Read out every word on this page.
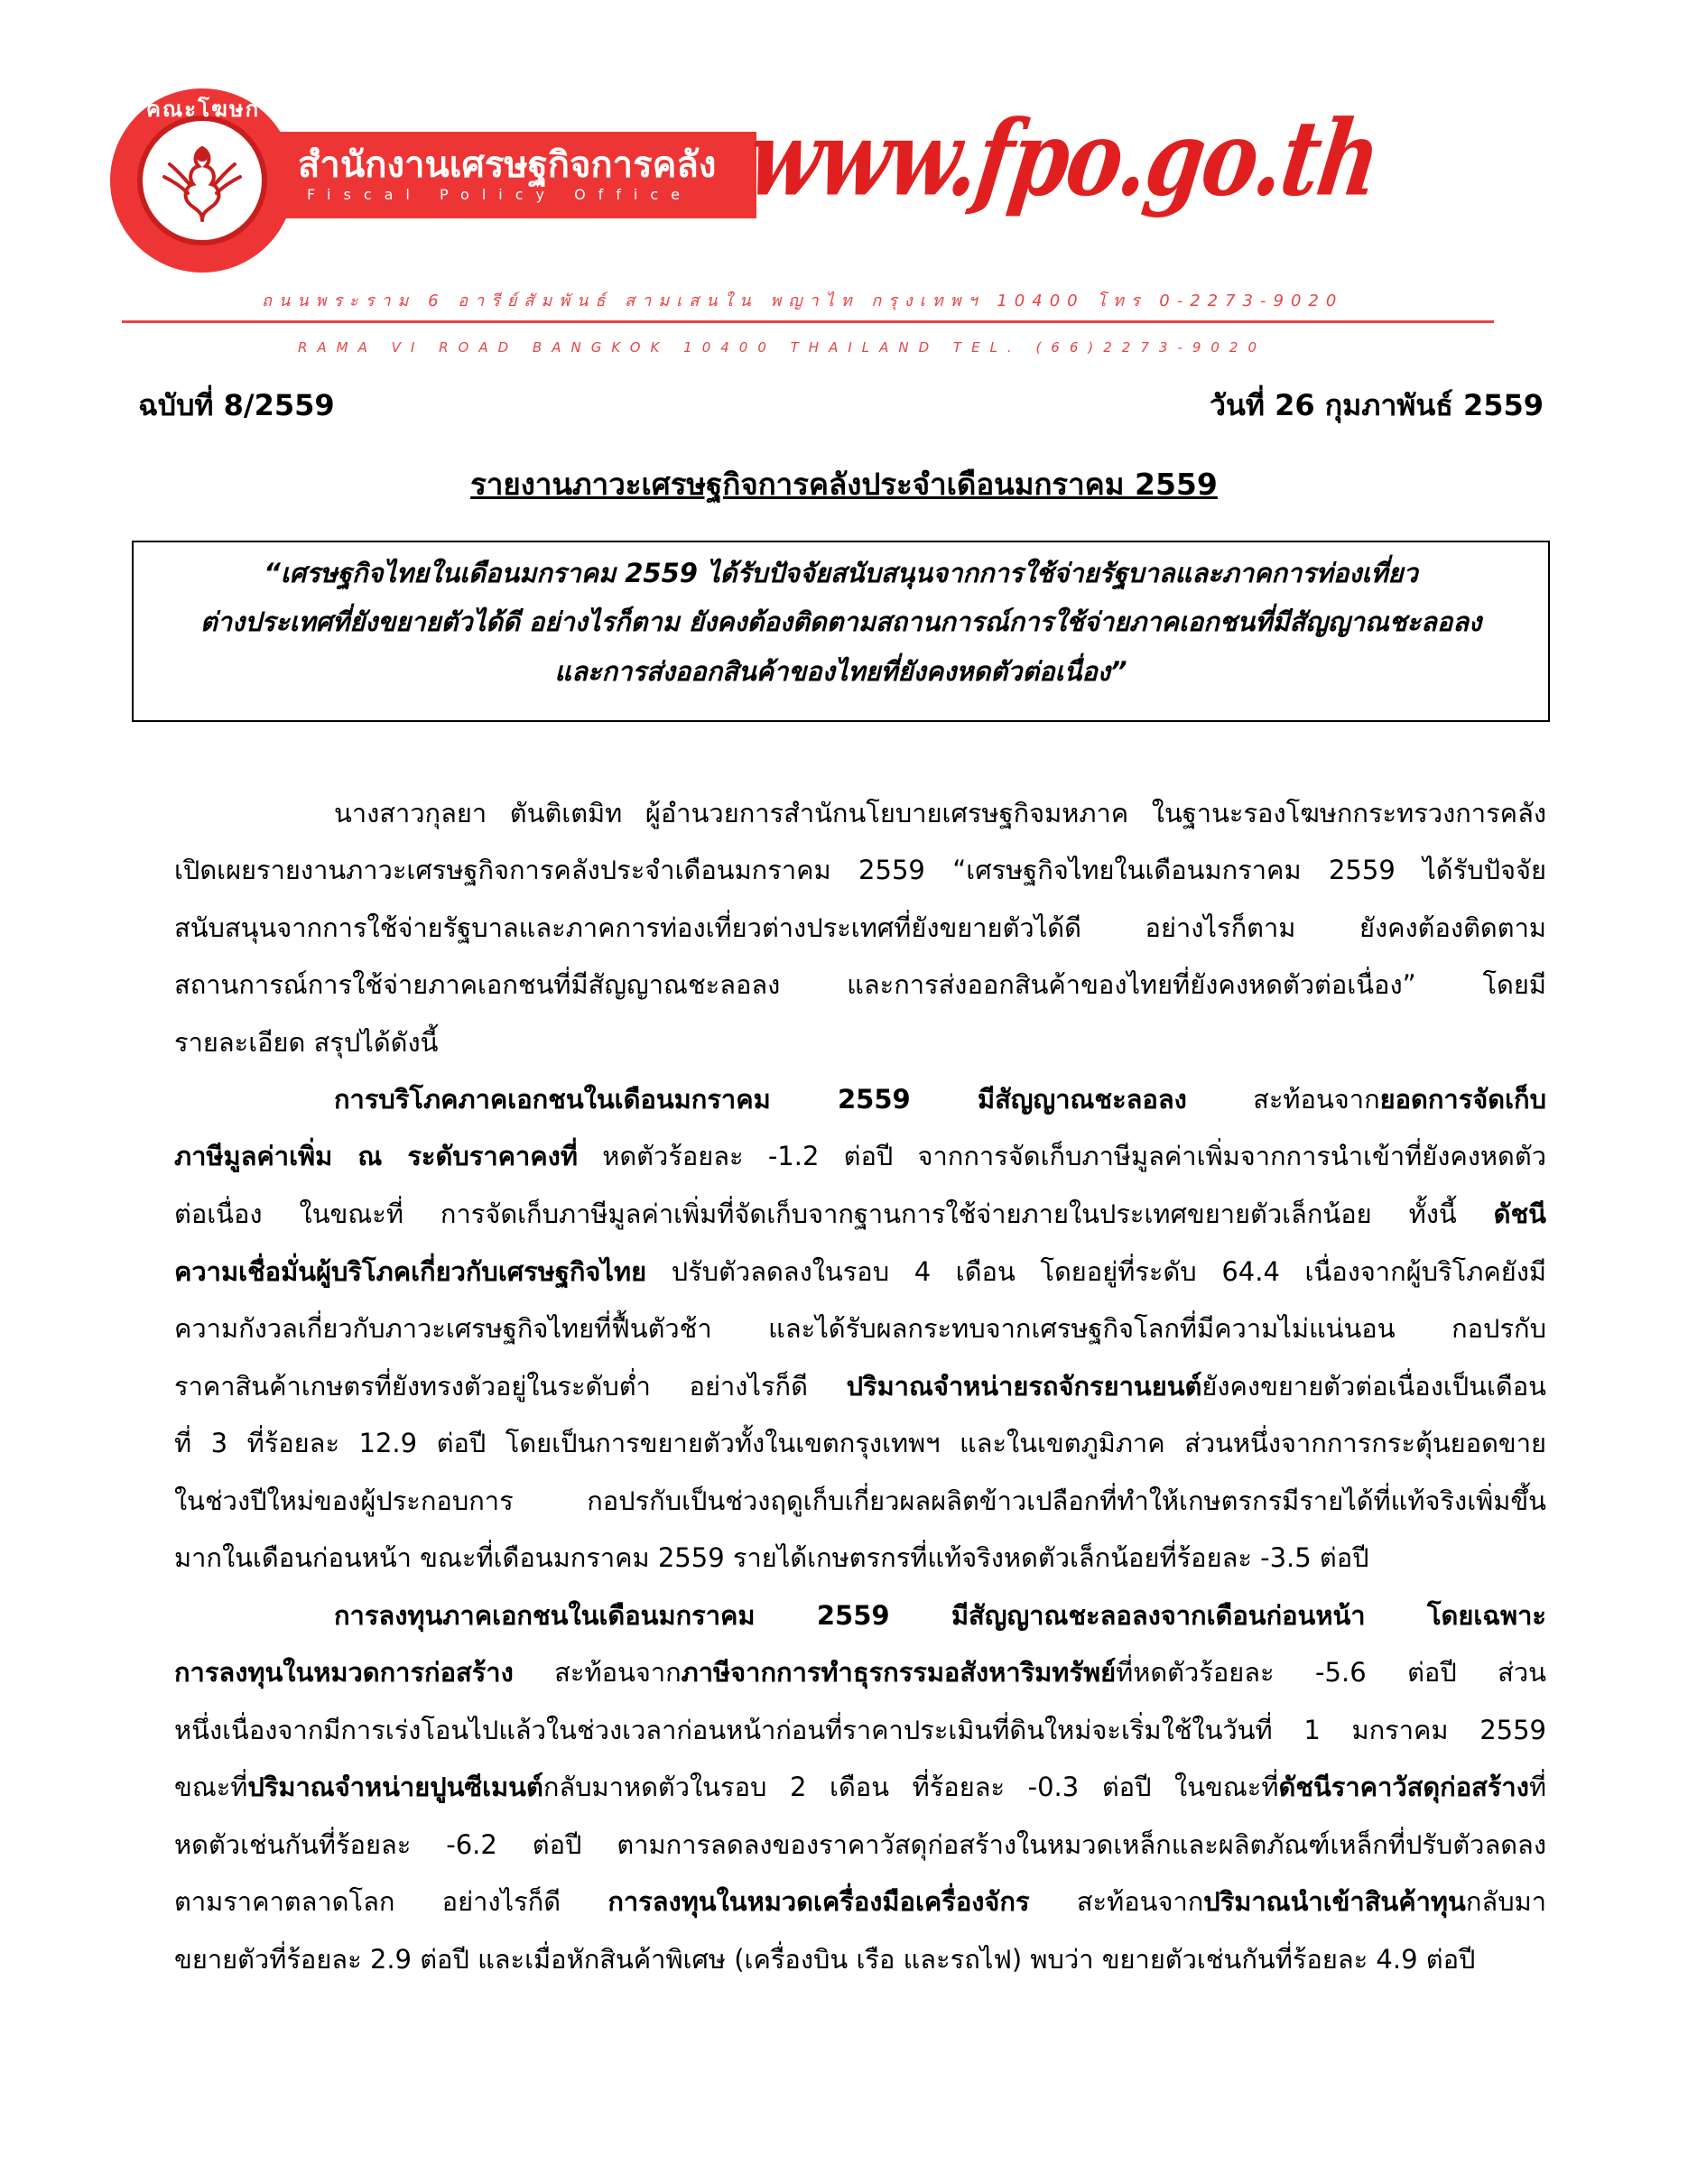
คณะโฆษก
สำนักงานเศรษฐกิจการคลัง
Fiscal Policy Office www.fpo.go.th
ถนนพระราม 6 อารีย์สัมพันธ์ สามเสนใน พญาไท กรุงเทพฯ 10400 โทร 0-2273-9020
RAMA VI ROAD BANGKOK 10400 THAILAND TEL. (66)2273-9020
ฉบับที่ 8/2559	วันที่ 26 กุมภาพันธ์ 2559
รายงานภาวะเศรษฐกิจการคลังประจำเดือนมกราคม 2559
“เศรษฐกิจไทยในเดือนมกราคม 2559 ได้รับปัจจัยสนับสนุนจากการใช้จ่ายรัฐบาลและภาคการท่องเที่ยว
ต่างประเทศที่ยังขยายตัวได้ดี อย่างไรก็ตาม ยังคงต้องติดตามสถานการณ์การใช้จ่ายภาคเอกชนที่มีสัญญาณชะลอลง
และการส่งออกสินค้าของไทยที่ยังคงหดตัวต่อเนื่อง”
นางสาวกุลยา ตันติเตมิท ผู้อำนวยการสำนักนโยบายเศรษฐกิจมหภาค ในฐานะรองโฆษกกระทรวงการคลัง
เปิดเผยรายงานภาวะเศรษฐกิจการคลังประจำเดือนมกราคม 2559 “เศรษฐกิจไทยในเดือนมกราคม 2559 ได้รับปัจจัย
สนับสนุนจากการใช้จ่ายรัฐบาลและภาคการท่องเที่ยวต่างประเทศที่ยังขยายตัวได้ดี อย่างไรก็ตาม ยังคงต้องติดตาม
สถานการณ์การใช้จ่ายภาคเอกชนที่มีสัญญาณชะลอลง และการส่งออกสินค้าของไทยที่ยังคงหดตัวต่อเนื่อง” โดยมี
รายละเอียด สรุปได้ดังนี้
การบริโภคภาคเอกชนในเดือนมกราคม 2559 มีสัญญาณชะลอลง สะท้อนจากยอดการจัดเก็บ
ภาษีมูลค่าเพิ่ม ณ ระดับราคาคงที่ หดตัวร้อยละ -1.2 ต่อปี จากการจัดเก็บภาษีมูลค่าเพิ่มจากการนำเข้าที่ยังคงหดตัว
ต่อเนื่อง ในขณะที่ การจัดเก็บภาษีมูลค่าเพิ่มที่จัดเก็บจากฐานการใช้จ่ายภายในประเทศขยายตัวเล็กน้อย ทั้งนี้ ดัชนี
ความเชื่อมั่นผู้บริโภคเกี่ยวกับเศรษฐกิจไทย ปรับตัวลดลงในรอบ 4 เดือน โดยอยู่ที่ระดับ 64.4 เนื่องจากผู้บริโภคยังมี
ความกังวลเกี่ยวกับภาวะเศรษฐกิจไทยที่ฟื้นตัวช้า และได้รับผลกระทบจากเศรษฐกิจโลกที่มีความไม่แน่นอน กอปรกับ
ราคาสินค้าเกษตรที่ยังทรงตัวอยู่ในระดับต่ำ อย่างไรก็ดี ปริมาณจำหน่ายรถจักรยานยนต์ยังคงขยายตัวต่อเนื่องเป็นเดือน
ที่ 3 ที่ร้อยละ 12.9 ต่อปี โดยเป็นการขยายตัวทั้งในเขตกรุงเทพฯ และในเขตภูมิภาค ส่วนหนึ่งจากการกระตุ้นยอดขาย
ในช่วงปีใหม่ของผู้ประกอบการ กอปรกับเป็นช่วงฤดูเก็บเกี่ยวผลผลิตข้าวเปลือกที่ทำให้เกษตรกรมีรายได้ที่แท้จริงเพิ่มขึ้น
มากในเดือนก่อนหน้า ขณะที่เดือนมกราคม 2559 รายได้เกษตรกรที่แท้จริงหดตัวเล็กน้อยที่ร้อยละ -3.5 ต่อปี
การลงทุนภาคเอกชนในเดือนมกราคม 2559 มีสัญญาณชะลอลงจากเดือนก่อนหน้า โดยเฉพาะ
การลงทุนในหมวดการก่อสร้าง สะท้อนจากภาษีจากการทำธุรกรรมอสังหาริมทรัพย์ที่หดตัวร้อยละ -5.6 ต่อปี ส่วน
หนึ่งเนื่องจากมีการเร่งโอนไปแล้วในช่วงเวลาก่อนหน้าก่อนที่ราคาประเมินที่ดินใหม่จะเริ่มใช้ในวันที่ 1 มกราคม 2559
ขณะที่ปริมาณจำหน่ายปูนซีเมนต์กลับมาหดตัวในรอบ 2 เดือน ที่ร้อยละ -0.3 ต่อปี ในขณะที่ดัชนีราคาวัสดุก่อสร้างที่
หดตัวเช่นกันที่ร้อยละ -6.2 ต่อปี ตามการลดลงของราคาวัสดุก่อสร้างในหมวดเหล็กและผลิตภัณฑ์เหล็กที่ปรับตัวลดลง
ตามราคาตลาดโลก อย่างไรก็ดี การลงทุนในหมวดเครื่องมือเครื่องจักร สะท้อนจากปริมาณนำเข้าสินค้าทุนกลับมา
ขยายตัวที่ร้อยละ 2.9 ต่อปี และเมื่อหักสินค้าพิเศษ (เครื่องบิน เรือ และรถไฟ) พบว่า ขยายตัวเช่นกันที่ร้อยละ 4.9 ต่อปี
